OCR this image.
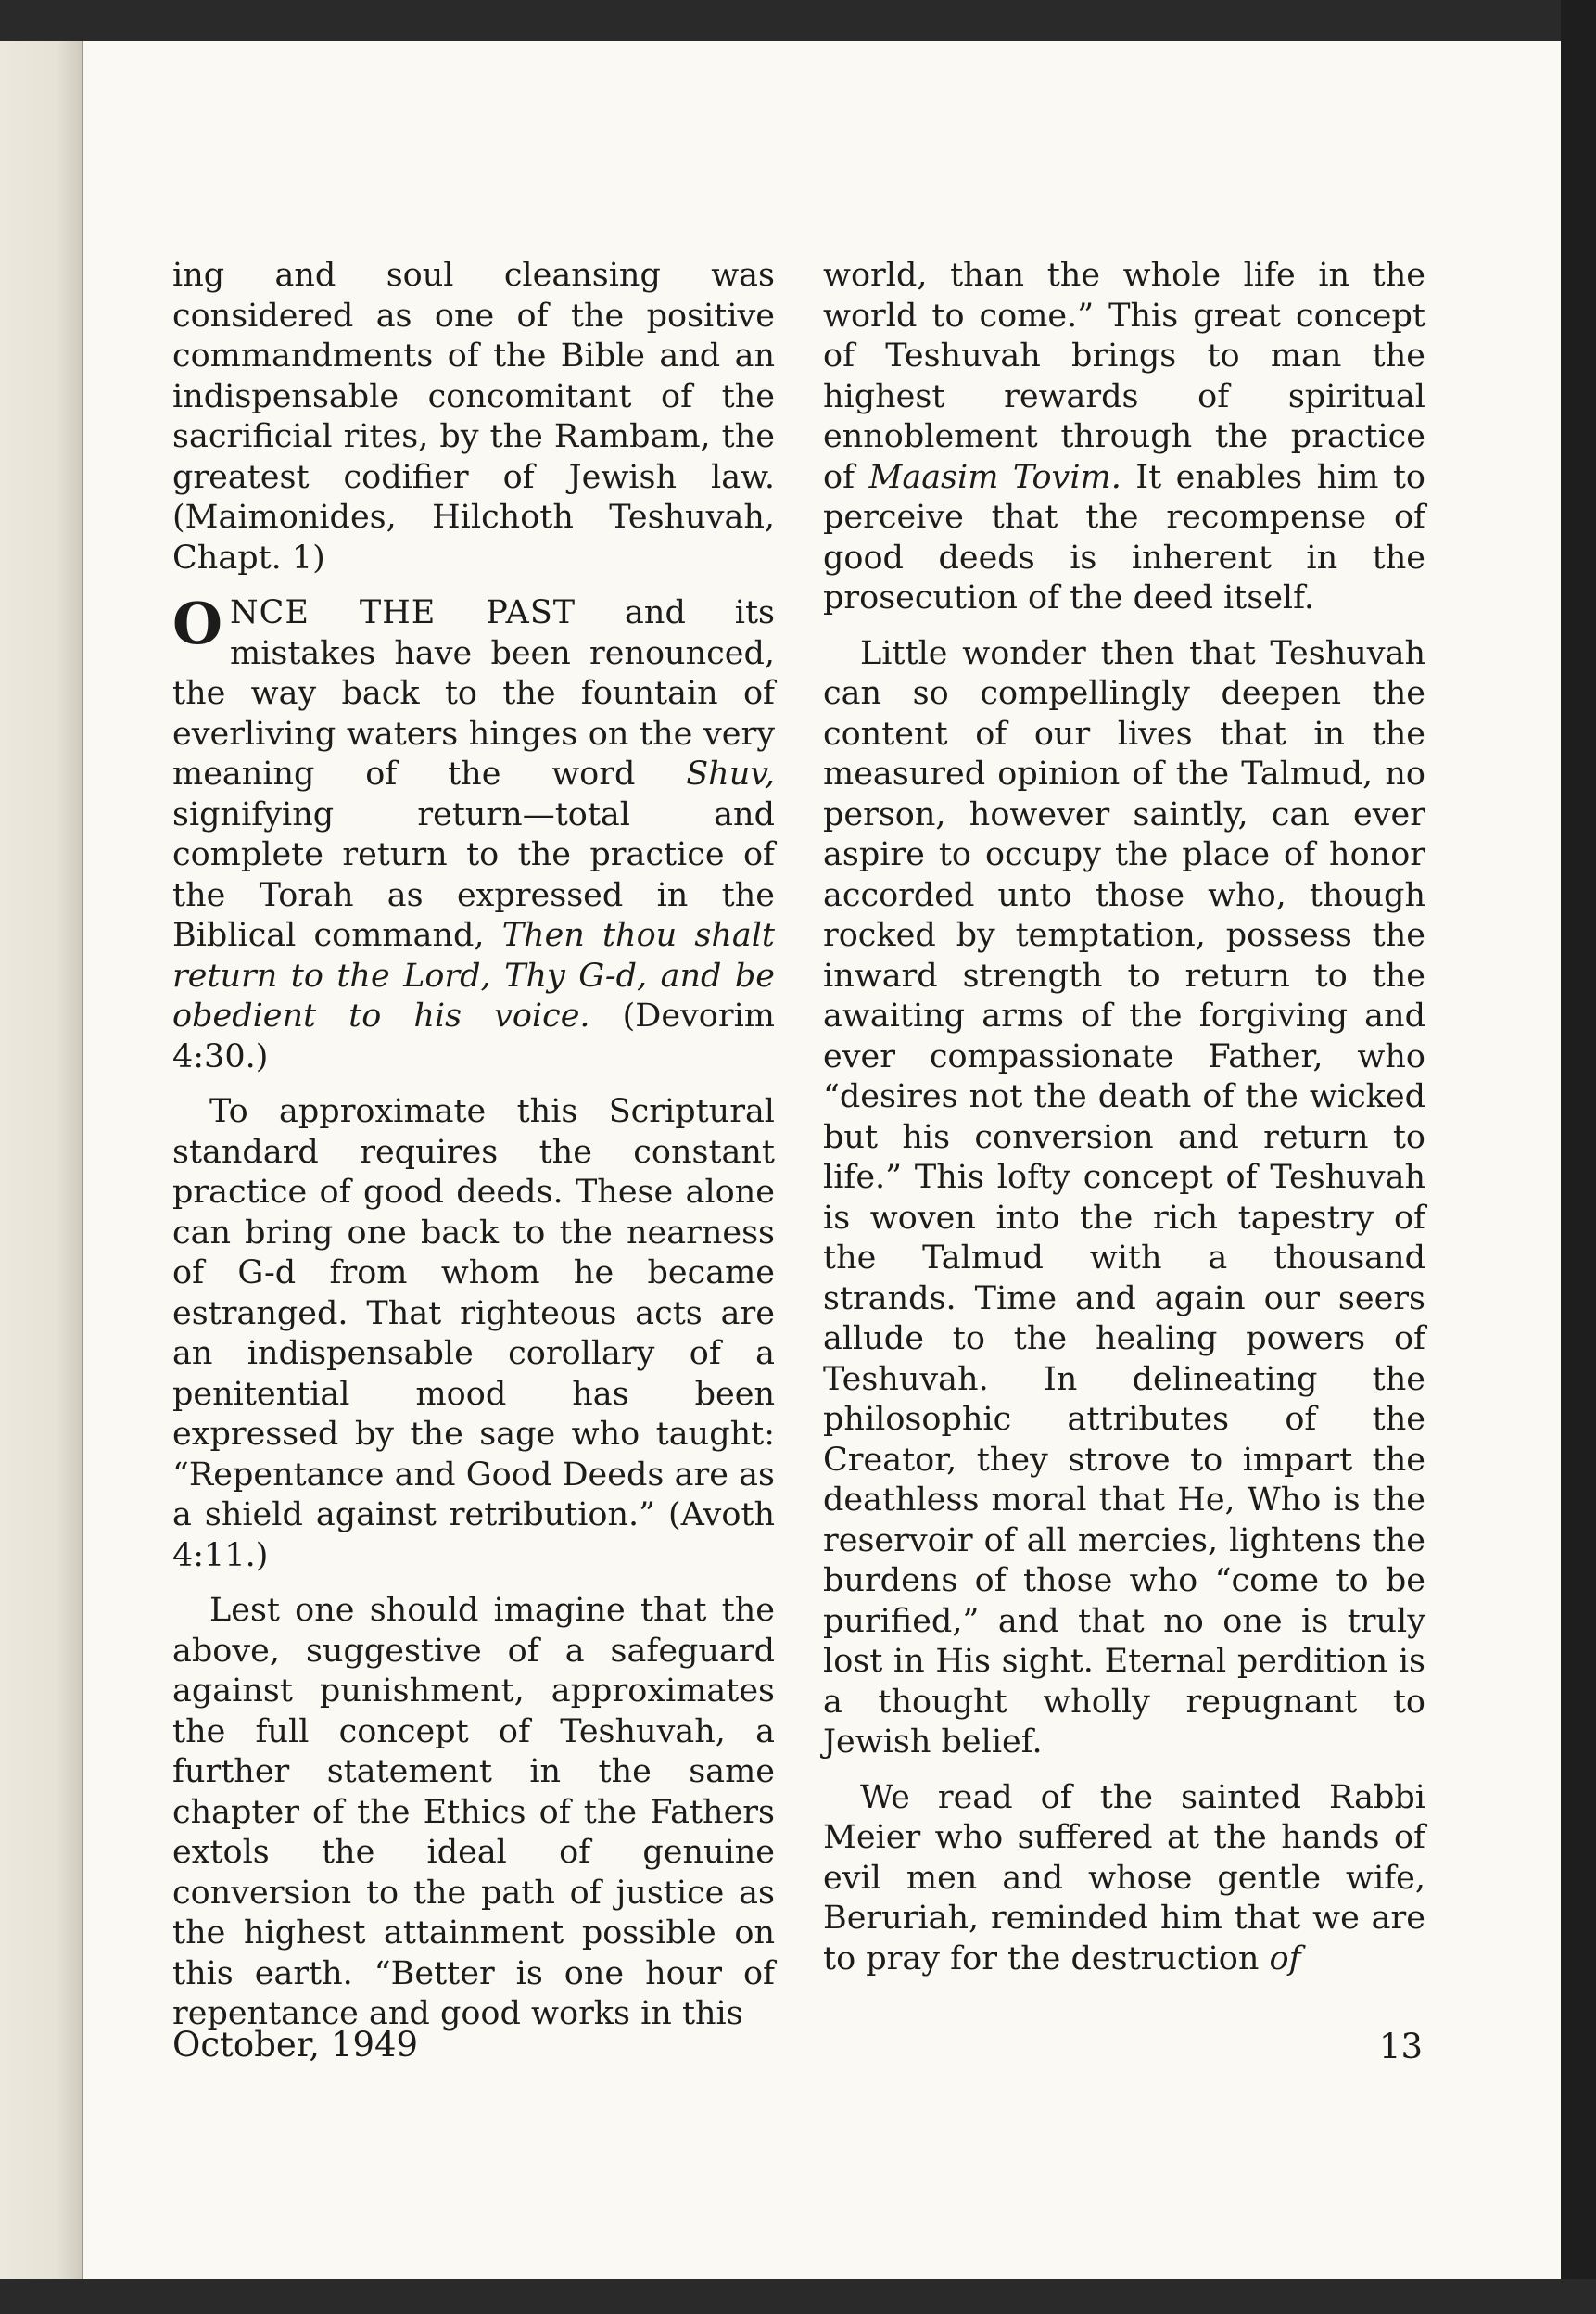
ing and soul cleansing was considered as one of the positive commandments of the Bible and an indispensable concomitant of the sacrificial rites, by the Rambam, the greatest codifier of Jewish law. (Maimonides, Hilchoth Teshuvah, Chapt. 1)

ONCE THE PAST and its mistakes have been renounced, the way back to the fountain of everliving waters hinges on the very meaning of the word Shuv, signifying return—total and complete return to the practice of the Torah as expressed in the Biblical command, Then thou shalt return to the Lord, Thy G-d, and be obedient to his voice. (Devorim 4:30.)

To approximate this Scriptural standard requires the constant practice of good deeds. These alone can bring one back to the nearness of G-d from whom he became estranged. That righteous acts are an indispensable corollary of a penitential mood has been expressed by the sage who taught: “Repentance and Good Deeds are as a shield against retribution.” (Avoth 4:11.)

Lest one should imagine that the above, suggestive of a safeguard against punishment, approximates the full concept of Teshuvah, a further statement in the same chapter of the Ethics of the Fathers extols the ideal of genuine conversion to the path of justice as the highest attainment possible on this earth. “Better is one hour of repentance and good works in this

world, than the whole life in the world to come.” This great concept of Teshuvah brings to man the highest rewards of spiritual ennoblement through the practice of Maasim Tovim. It enables him to perceive that the recompense of good deeds is inherent in the prosecution of the deed itself.

Little wonder then that Teshuvah can so compellingly deepen the content of our lives that in the measured opinion of the Talmud, no person, however saintly, can ever aspire to occupy the place of honor accorded unto those who, though rocked by temptation, possess the inward strength to return to the awaiting arms of the forgiving and ever compassionate Father, who “desires not the death of the wicked but his conversion and return to life.” This lofty concept of Teshuvah is woven into the rich tapestry of the Talmud with a thousand strands. Time and again our seers allude to the healing powers of Teshuvah. In delineating the philosophic attributes of the Creator, they strove to impart the deathless moral that He, Who is the reservoir of all mercies, lightens the burdens of those who “come to be purified,” and that no one is truly lost in His sight. Eternal perdition is a thought wholly repugnant to Jewish belief.

We read of the sainted Rabbi Meier who suffered at the hands of evil men and whose gentle wife, Beruriah, reminded him that we are to pray for the destruction of

October, 1949	13
